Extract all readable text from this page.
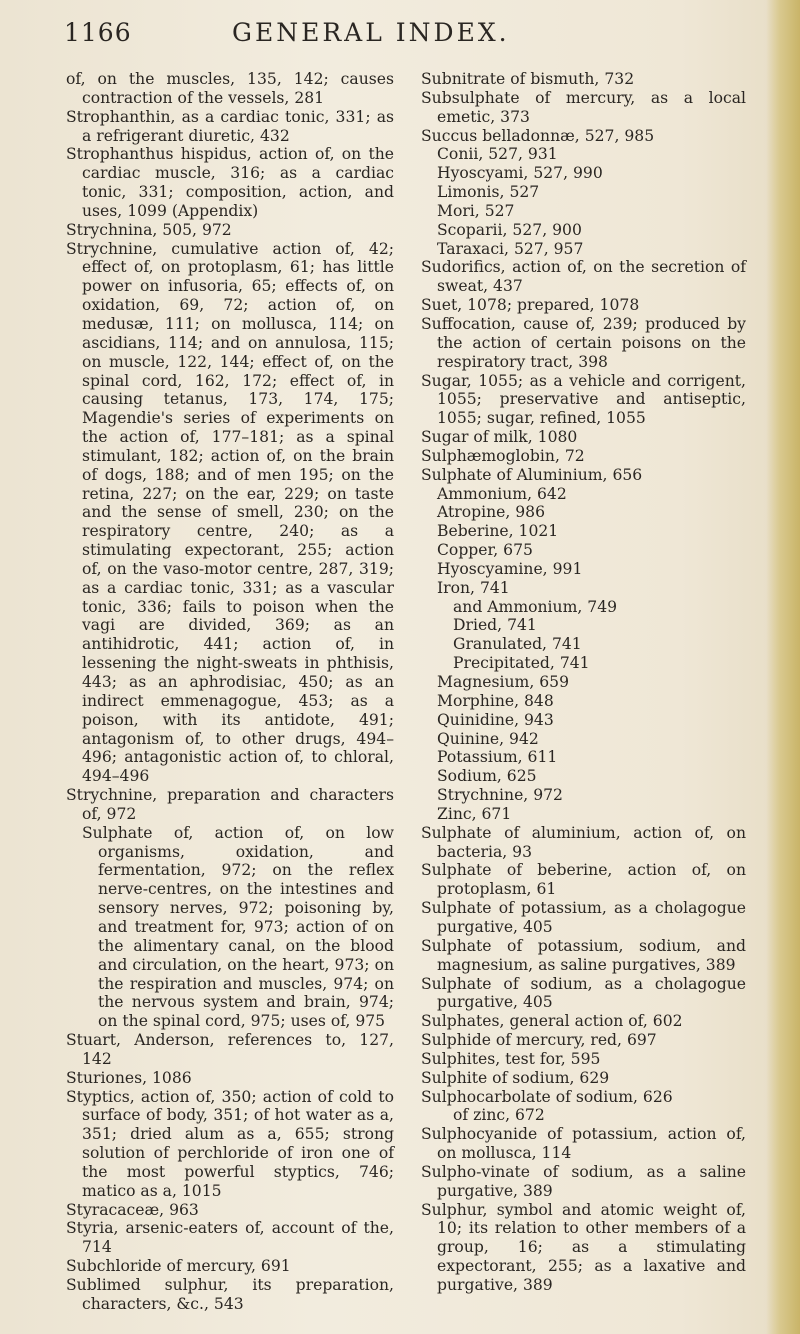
1166	GENERAL INDEX.

of, on the muscles, 135, 142; causes contraction of the vessels, 281

Strophanthin, as a cardiac tonic, 331; as a refrigerant diuretic, 432

Strophanthus hispidus, action of, on the cardiac muscle, 316; as a cardiac tonic, 331; composition, action, and uses, 1099 (Appendix)

Strychnina, 505, 972

Strychnine, cumulative action of, 42; effect of, on protoplasm, 61; has little power on infusoria, 65; effects of, on oxidation, 69, 72; action of, on medusæ, 111; on mollusca, 114; on ascidians, 114; and on annulosa, 115; on muscle, 122, 144; effect of, on the spinal cord, 162, 172; effect of, in causing tetanus, 173, 174, 175; Magendie's series of experiments on the action of, 177–181; as a spinal stimulant, 182; action of, on the brain of dogs, 188; and of men 195; on the retina, 227; on the ear, 229; on taste and the sense of smell, 230; on the respiratory centre, 240; as a stimulating expectorant, 255; action of, on the vaso-motor centre, 287, 319; as a cardiac tonic, 331; as a vascular tonic, 336; fails to poison when the vagi are divided, 369; as an antihidrotic, 441; action of, in lessening the night-sweats in phthisis, 443; as an aphrodisiac, 450; as an indirect emmenagogue, 453; as a poison, with its antidote, 491; antagonism of, to other drugs, 494–496; antagonistic action of, to chloral, 494–496

Strychnine, preparation and characters of, 972

Sulphate of, action of, on low organisms, oxidation, and fermentation, 972; on the reflex nerve-centres, on the intestines and sensory nerves, 972; poisoning by, and treatment for, 973; action of on the alimentary canal, on the blood and circulation, on the heart, 973; on the respiration and muscles, 974; on the nervous system and brain, 974; on the spinal cord, 975; uses of, 975

Stuart, Anderson, references to, 127, 142

Sturiones, 1086

Styptics, action of, 350; action of cold to surface of body, 351; of hot water as a, 351; dried alum as a, 655; strong solution of perchloride of iron one of the most powerful styptics, 746; matico as a, 1015

Styracaceæ, 963

Styria, arsenic-eaters of, account of the, 714

Subchloride of mercury, 691

Sublimed sulphur, its preparation, characters, &c., 543

Subnitrate of bismuth, 732

Subsulphate of mercury, as a local emetic, 373

Succus belladonnæ, 527, 985

Conii, 527, 931

Hyoscyami, 527, 990

Limonis, 527

Mori, 527

Scoparii, 527, 900

Taraxaci, 527, 957

Sudorifics, action of, on the secretion of sweat, 437

Suet, 1078; prepared, 1078

Suffocation, cause of, 239; produced by the action of certain poisons on the respiratory tract, 398

Sugar, 1055; as a vehicle and corrigent, 1055; preservative and antiseptic, 1055; sugar, refined, 1055

Sugar of milk, 1080

Sulphæmoglobin, 72

Sulphate of Aluminium, 656

Ammonium, 642

Atropine, 986

Beberine, 1021

Copper, 675

Hyoscyamine, 991

Iron, 741

and Ammonium, 749

Dried, 741

Granulated, 741

Precipitated, 741

Magnesium, 659

Morphine, 848

Quinidine, 943

Quinine, 942

Potassium, 611

Sodium, 625

Strychnine, 972

Zinc, 671

Sulphate of aluminium, action of, on bacteria, 93

Sulphate of beberine, action of, on protoplasm, 61

Sulphate of potassium, as a cholagogue purgative, 405

Sulphate of potassium, sodium, and magnesium, as saline purgatives, 389

Sulphate of sodium, as a cholagogue purgative, 405

Sulphates, general action of, 602

Sulphide of mercury, red, 697

Sulphites, test for, 595

Sulphite of sodium, 629

Sulphocarbolate of sodium, 626

of zinc, 672

Sulphocyanide of potassium, action of, on mollusca, 114

Sulpho-vinate of sodium, as a saline purgative, 389

Sulphur, symbol and atomic weight of, 10; its relation to other members of a group, 16; as a stimulating expectorant, 255; as a laxative and purgative, 389
